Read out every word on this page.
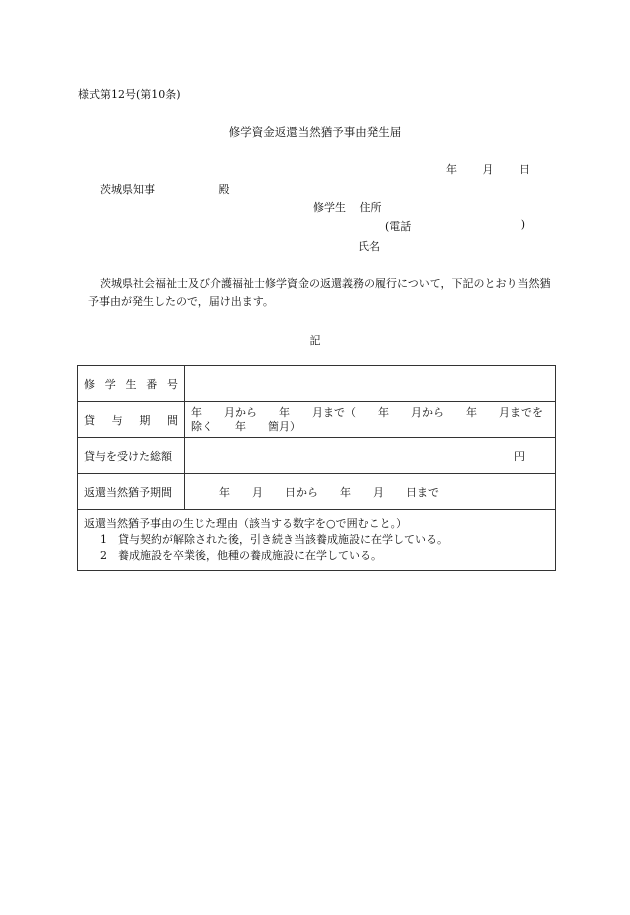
様式第12号(第10条)
修学資金返還当然猶予事由発生届
年 月 日
茨城県知事	殿
修学生 住所
(電話	)
氏名
茨城県社会福祉士及び介護福祉士修学資金の返還義務の履行について，下記のとおり当然猶予事由が発生したので，届け出ます。
記
修 学 生 番 号	

貸 与 期 間	年　　月から　　年　　月まで（　　年　　月から　　年　　月までを除く　　年　　箇月）
貸与を受けた総額	円
返還当然猶予期間	年　　月　　日から　　年　　月　　日まで

返還当然猶予事由の生じた理由（該当する数字を○で囲むこと。）
1　貸与契約が解除された後，引き続き当該養成施設に在学している。
2　養成施設を卒業後，他種の養成施設に在学している。	
